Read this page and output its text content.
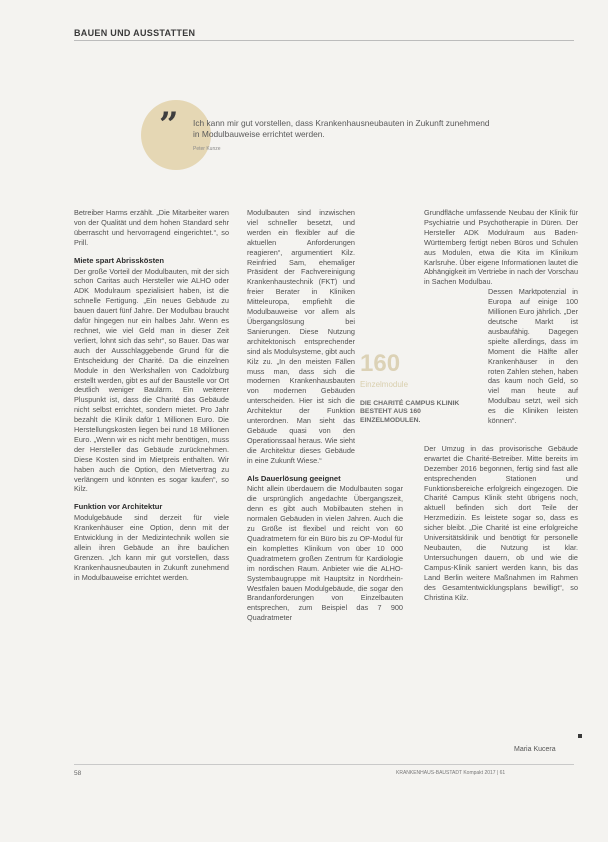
BAUEN UND AUSSTATTEN
” Ich kann mir gut vorstellen, dass Krankenhausneubauten in Zukunft zunehmend in Modulbauweise errichtet werden.
Peter Kunze

Betreiber Harms erzählt. „Die Mitarbeiter waren von der Qualität und dem hohen Standard sehr überrascht und hervorragend eingerichtet.“, so Prill.

Miete spart Abrisskösten

Der große Vorteil der Modulbauten, mit der sich schon Caritas auch Hersteller wie ALHO oder ADK Modulraum spezialisiert haben, ist die schnelle Fertigung. „Ein neues Gebäude zu bauen dauert fünf Jahre. Der Modulbau braucht dafür hingegen nur ein halbes Jahr. Wenn es rechnet, wie viel Geld man in dieser Zeit verliert, lohnt sich das sehr“, so Bauer. Das war auch der Ausschlaggebende Grund für die Entscheidung der Charité. Da die einzelnen Module in den Werkshallen von Cadolzburg erstellt werden, gibt es auf der Baustelle vor Ort deutlich weniger Baulärm. Ein weiterer Pluspunkt ist, dass die Charité das Gebäude nicht selbst errichtet, sondern mietet. Pro Jahr bezahlt die Klinik dafür 1 Millionen Euro. Die Herstellungskosten liegen bei rund 18 Millionen Euro. „Wenn wir es nicht mehr benötigen, muss der Hersteller das Gebäude zurücknehmen. Diese Kosten sind im Mietpreis enthalten. Wir haben auch die Option, den Mietvertrag zu verlängern und könnten es sogar kaufen“, so Kilz.

Funktion vor Architektur

Modulgebäude sind derzeit für viele Krankenhäuser eine Option, denn mit der Entwicklung in der Medizintechnik wollen sie allein ihren Gebäude an ihre baulichen Grenzen. „Ich kann mir gut vorstellen, dass Krankenhausneubauten in Zukunft zunehmend in Modulbauweise errichtet werden.

Modulbauten sind inzwischen viel schneller besetzt, und werden ein flexibler auf die aktuellen Anforderungen reagieren“, argumentiert Kilz. Reinfried Sam, ehemaliger Präsident der Fachvereinigung Krankenhaustechnik (FKT) und freier Berater in Kliniken Mitteleuropa, empfiehlt die Modulbauweise vor allem als Übergangslösung bei Sanierungen. Diese Nutzung architektonisch entsprechender sind als Modulsysteme, gibt auch Kilz zu. „In den meisten Fällen muss man, dass sich die modernen Krankenhausbauten von modernen Gebäuden unterscheiden. Hier ist sich die Architektur der Funktion unterordnen. Man sieht das Gebäude quasi von den Operationssaal heraus. Wie sieht die Architektur dieses Gebäude in eine Zukunft Wiese.“

Als Dauerlösung geeignet

Nicht allein überdauern die Modulbauten sogar die ursprünglich angedachte Übergangszeit, denn es gibt auch Mobilbauten stehen in normalen Gebäuden in vielen Jahren. Auch die zu Größe ist flexibel und reicht von 60 Quadratmetern für ein Büro bis zu OP-Modul für ein komplettes Klinikum von über 10 000 Quadratmetern großen Zentrum für Kardiologie im nordischen Raum. Anbieter wie die ALHO-Systembaugruppe mit Hauptsitz in Nordrhein-Westfalen bauen Modulgebäude, die sogar den Brandanforderungen von Einzelbauten entsprechen, zum Beispiel das 7 900 Quadratmeter

160
Einzelmodule
DIE CHARITÉ CAMPUS KLINIK BESTEHT AUS 160 EINZELMODULEN.

Grundfläche umfassende Neubau der Klinik für Psychiatrie und Psychotherapie in Düren. Der Hersteller ADK Modulraum aus Baden-Württemberg fertigt neben Büros und Schulen aus Modulen, etwa die Kita im Klinikum Karlsruhe. Über eigene Informationen lautet die Abhängigkeit im Vertriebe in nach der Vorschau in Sachen Modulbau.

Dessen Marktpotenzial in Europa auf einige 100 Millionen Euro jährlich. „Der deutsche Markt ist ausbaufähig. Dagegen spielte allerdings, dass im Moment die Hälfte aller Krankenhäuser in den roten Zahlen stehen, haben das kaum noch Geld, so viel man heute auf Modulbau setzt, weil sich es die Kliniken leisten können“.

Der Umzug in das provisorische Gebäude erwartet die Charité-Betreiber. Mitte bereits im Dezember 2016 begonnen, fertig sind fast alle entsprechenden Stationen und Funktionsbereiche erfolgreich eingezogen. Die Charité Campus Klinik steht übrigens noch, aktuell befinden sich dort Teile der Herzmedizin. Es leistete sogar so, dass es sicher bleibt. „Die Charité ist eine erfolgreiche Universitätsklinik und benötigt für personelle Neubauten, die Nutzung ist klar. Untersuchungen dauern, ob und wie die Campus-Klinik saniert werden kann, bis das Land Berlin weitere Maßnahmen im Rahmen des Gesamtentwicklungsplans bewilligt“, so Christina Kilz.

Maria Kucera
58	KRANKENHAUS-BAUSTADT Kompakt 2017 | 61
